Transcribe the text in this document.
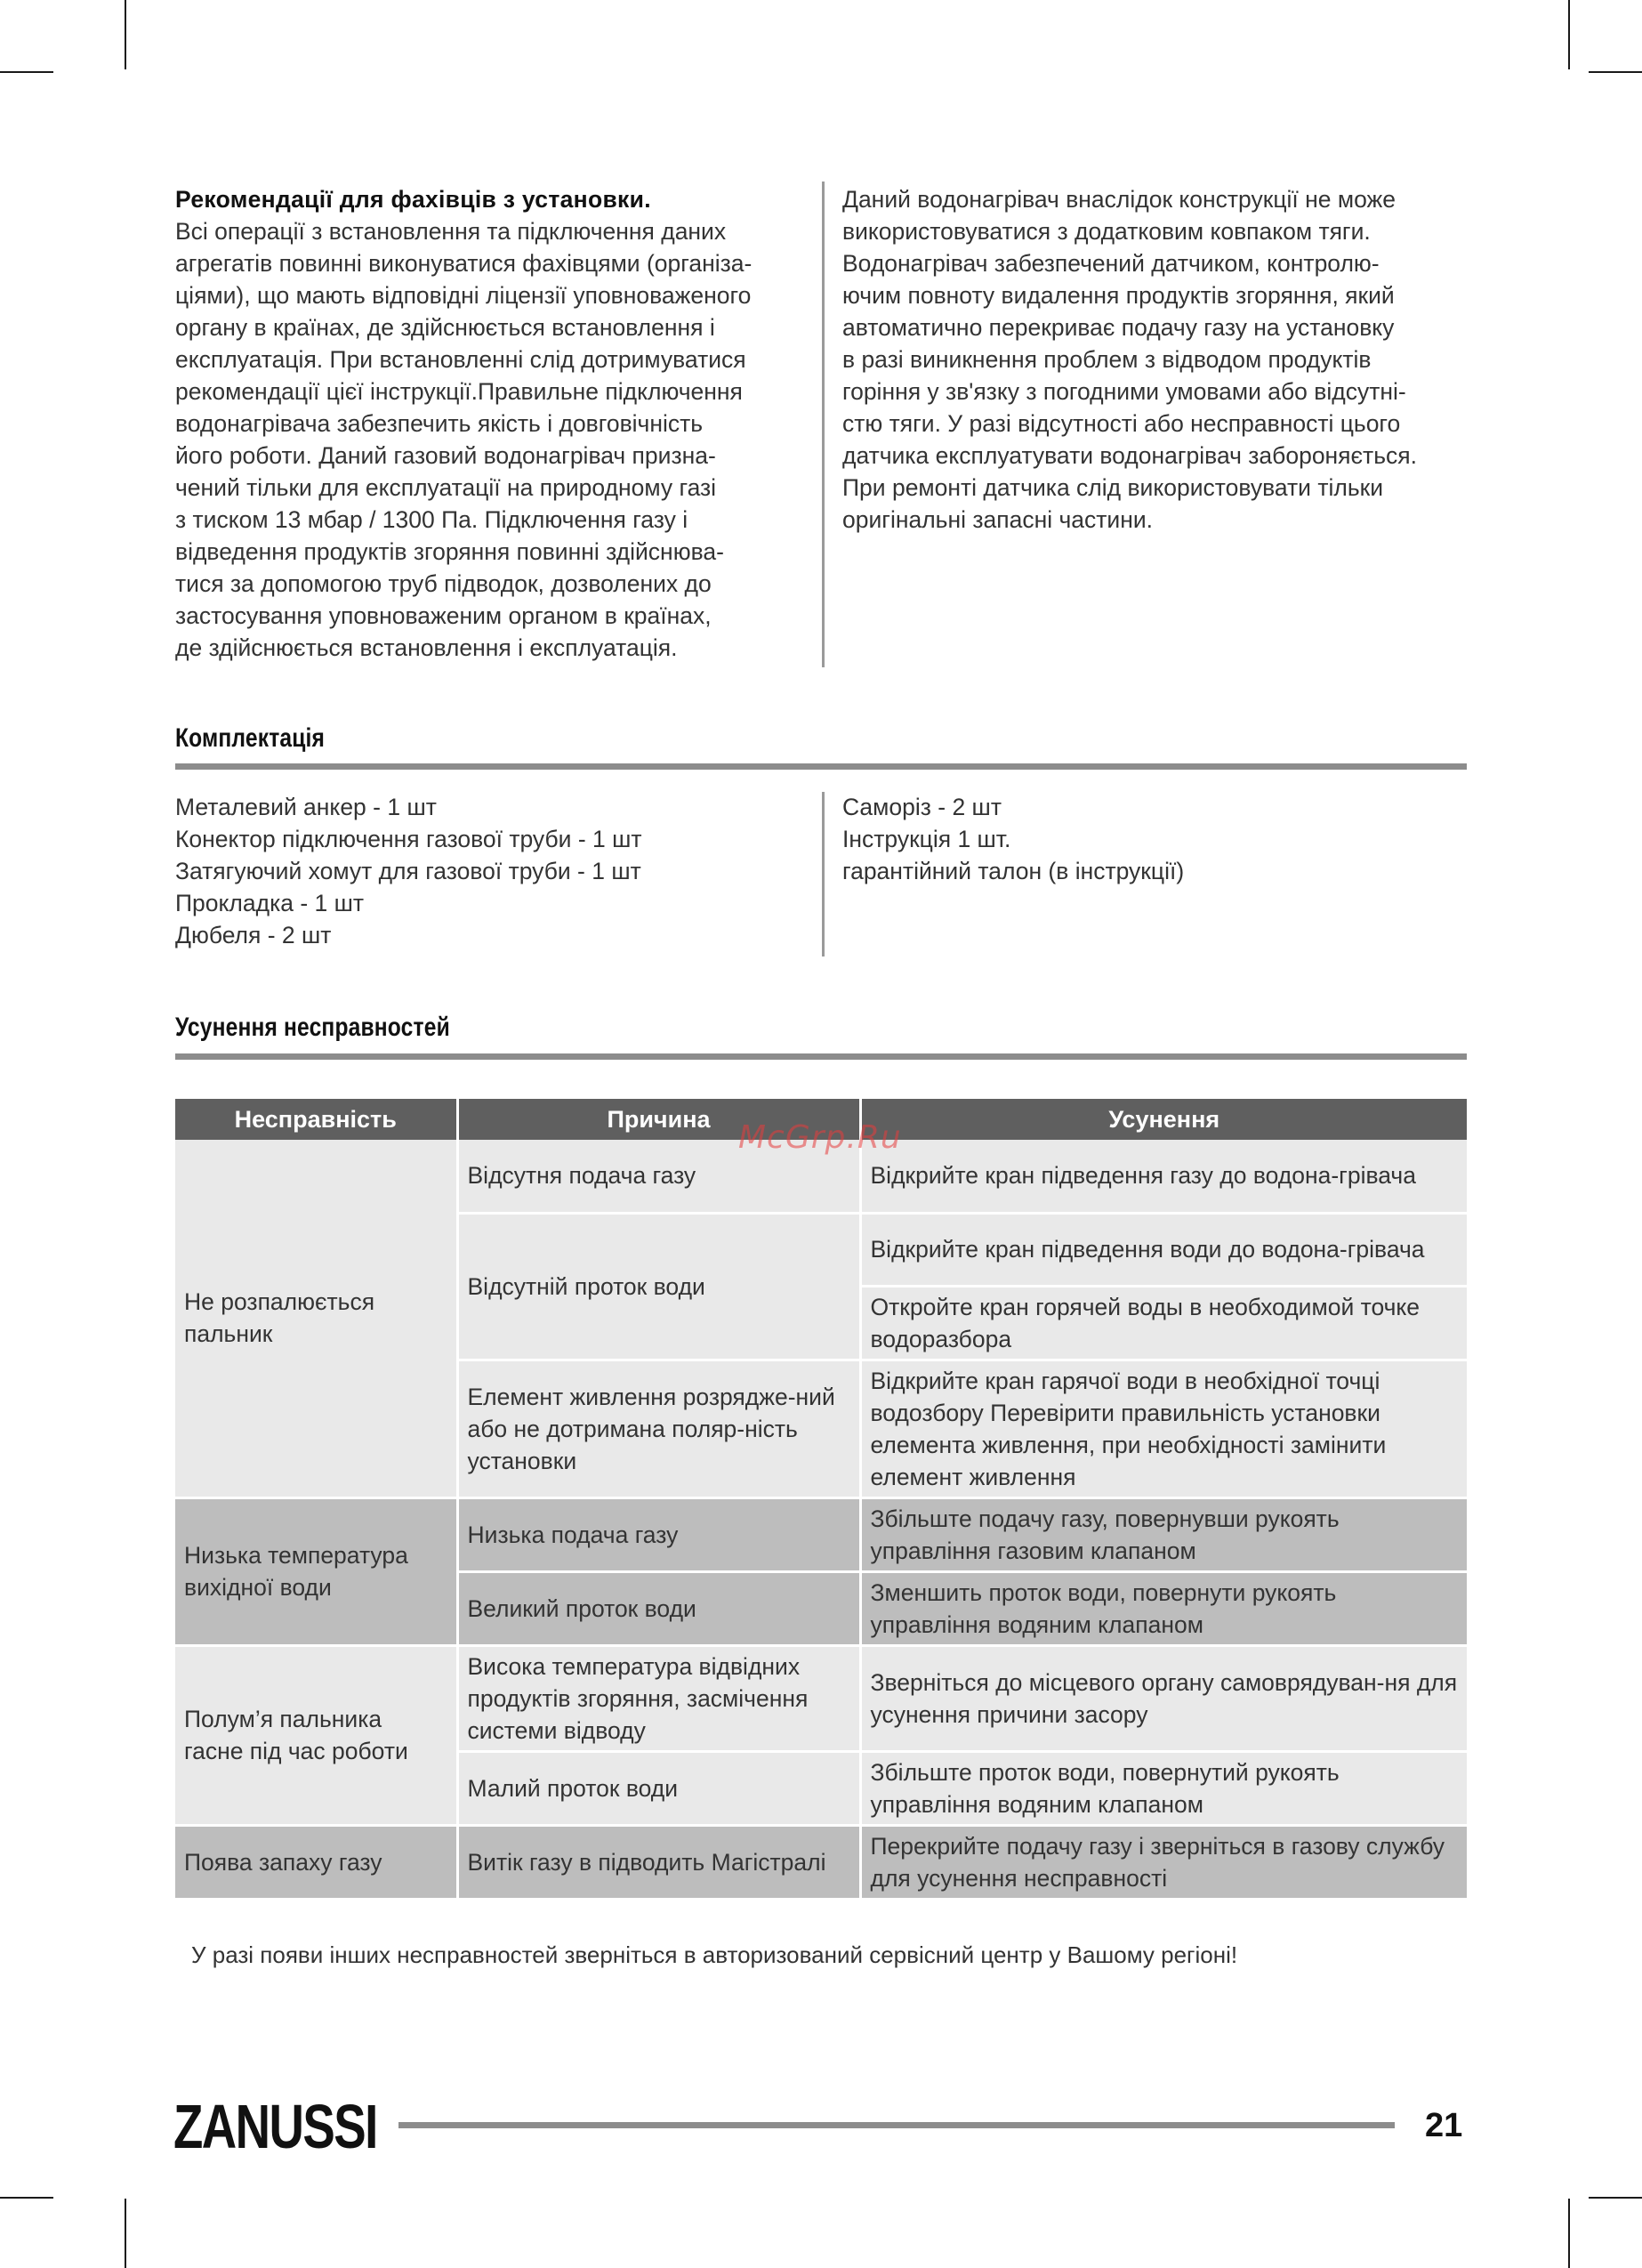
Рекомендації для фахівців з установки.

Всі операції з встановлення та підключення даних

агрегатів повинні виконуватися фахівцями (організа-

ціями), що мають відповідні ліцензії уповноваженого

органу в країнах, де здійснюється встановлення і

експлуатація. При встановленні слід дотримуватися

рекомендації цієї інструкції.Правильне підключення

водонагрівача забезпечить якість і довговічність

його роботи. Даний газовий водонагрівач призна-

чений тільки для експлуатації на природному газі

з тиском 13 мбар / 1300 Па. Підключення газу і

відведення продуктів згоряння повинні здійснюва-

тися за допомогою труб підводок, дозволених до

застосування уповноваженим органом в країнах,

де здійснюється встановлення і експлуатація.

Даний водонагрівач внаслідок конструкції не може

використовуватися з додатковим ковпаком тяги.

Водонагрівач забезпечений датчиком, контролю-

ючим повноту видалення продуктів згоряння, який

автоматично перекриває подачу газу на установку

в разі виникнення проблем з відводом продуктів

горіння у зв'язку з погодними умовами або відсутні-

стю тяги. У разі відсутності або несправності цього

датчика експлуатувати водонагрівач забороняється.

При ремонті датчика слід використовувати тільки

оригінальні запасні частини.

Комплектація
Металевий анкер - 1 шт
Конектор підключення газової труби - 1 шт
Затягуючий хомут для газової труби - 1 шт
Прокладка - 1 шт
Дюбеля - 2 шт
Саморіз - 2 шт
Інструкція 1 шт.
гарантійний талон (в інструкції)
Усунення несправностей
Несправність	Причина	Усунення
Не розпалюється пальник	Відсутня подача газу	Відкрийте кран підведення газу до водона-грівача
	Відсутній проток води	Відкрийте кран підведення води до водона-грівача
		Откройте кран горячей воды в необходимой точке водоразбора
	Елемент живлення розрядже-ний або не дотримана поляр-ність установки	Відкрийте кран гарячої води в необхідної точці водозбору Перевірити правильність установки елемента живлення, при необхідності замінити елемент живлення
Низька температура вихідної води	Низька подача газу	Збільште подачу газу, повернувши рукоять управління газовим клапаном
	Великий проток води	Зменшить проток води, повернути рукоять управління водяним клапаном
Полум’я пальника гасне під час роботи	Висока температура відвідних продуктів згоряння, засмічення системи відводу	Зверніться до місцевого органу самоврядуван-ня для усунення причини засору
	Малий проток води	Збільште проток води, повернутий рукоять управління водяним клапаном
Поява запаху газу	Витік газу в підводить Магістралі	Перекрийте подачу газу і зверніться в газову службу для усунення несправності
McGrp.Ru
У разі появи інших несправностей зверніться в авторизований сервісний центр у Вашому регіоні!
ZANUSSI	21
